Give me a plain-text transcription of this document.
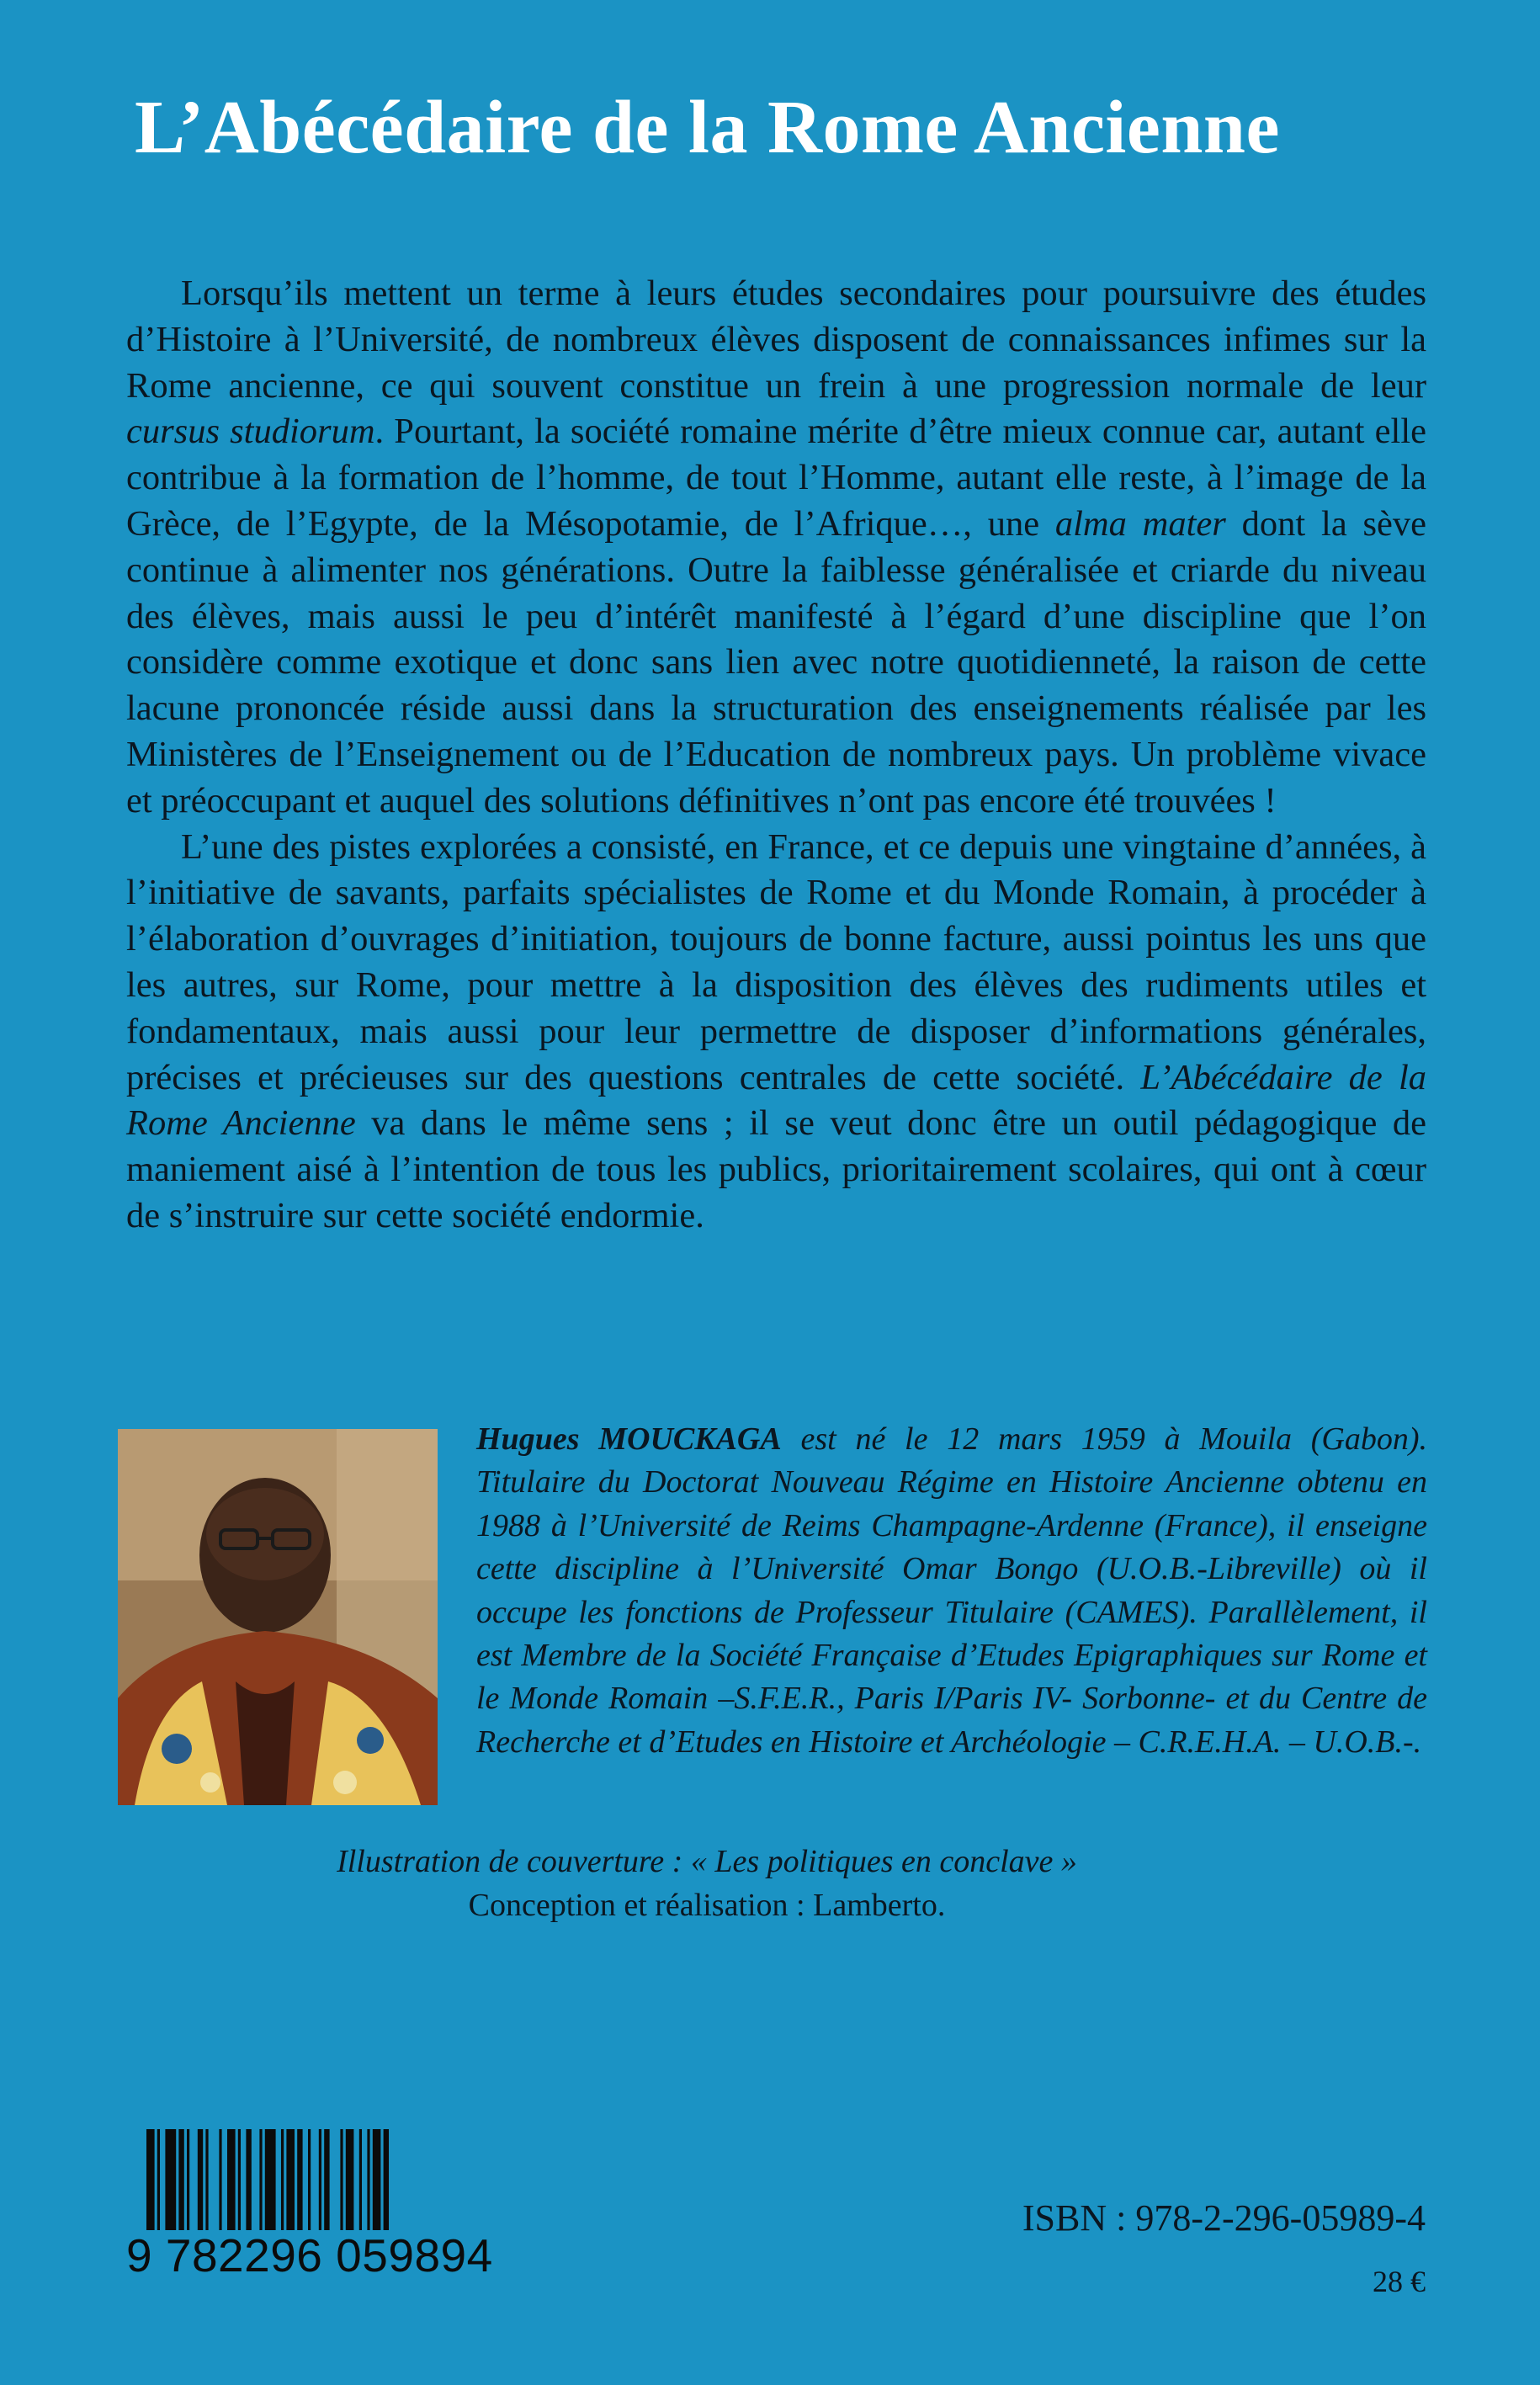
L’Abécédaire de la Rome Ancienne

Lorsqu’ils mettent un terme à leurs études secondaires pour poursuivre des études d’Histoire à l’Université, de nombreux élèves disposent de connaissances infimes sur la Rome ancienne, ce qui souvent constitue un frein à une progression normale de leur cursus studiorum. Pourtant, la société romaine mérite d’être mieux connue car, autant elle contribue à la formation de l’homme, de tout l’Homme, autant elle reste, à l’image de la Grèce, de l’Egypte, de la Mésopotamie, de l’Afrique…, une alma mater dont la sève continue à alimenter nos générations. Outre la faiblesse généralisée et criarde du niveau des élèves, mais aussi le peu d’intérêt manifesté à l’égard d’une discipline que l’on considère comme exotique et donc sans lien avec notre quotidienneté, la raison de cette lacune prononcée réside aussi dans la structuration des enseignements réalisée par les Ministères de l’Enseignement ou de l’Education de nombreux pays. Un problème vivace et préoccupant et auquel des solutions définitives n’ont pas encore été trouvées !

L’une des pistes explorées a consisté, en France, et ce depuis une vingtaine d’années, à l’initiative de savants, parfaits spécialistes de Rome et du Monde Romain, à procéder à l’élaboration d’ouvrages d’initiation, toujours de bonne facture, aussi pointus les uns que les autres, sur Rome, pour mettre à la disposition des élèves des rudiments utiles et fondamentaux, mais aussi pour leur permettre de disposer d’informations générales, précises et précieuses sur des questions centrales de cette société. L’Abécédaire de la Rome Ancienne va dans le même sens ; il se veut donc être un outil pédagogique de maniement aisé à l’intention de tous les publics, prioritairement scolaires, qui ont à cœur de s’instruire sur cette société endormie.

Hugues MOUCKAGA est né le 12 mars 1959 à Mouila (Gabon). Titulaire du Doctorat Nouveau Régime en Histoire Ancienne obtenu en 1988 à l’Université de Reims Champagne-Ardenne (France), il enseigne cette discipline à l’Université Omar Bongo (U.O.B.-Libreville) où il occupe les fonctions de Professeur Titulaire (CAMES). Parallèlement, il est Membre de la Société Française d’Etudes Epigraphiques sur Rome et le Monde Romain –S.F.E.R., Paris I/Paris IV- Sorbonne- et du Centre de Recherche et d’Etudes en Histoire et Archéologie – C.R.E.H.A. – U.O.B.-.
Illustration de couverture : « Les politiques en conclave »
Conception et réalisation : Lamberto.
9 782296 059894
ISBN : 978-2-296-05989-4
28 €
